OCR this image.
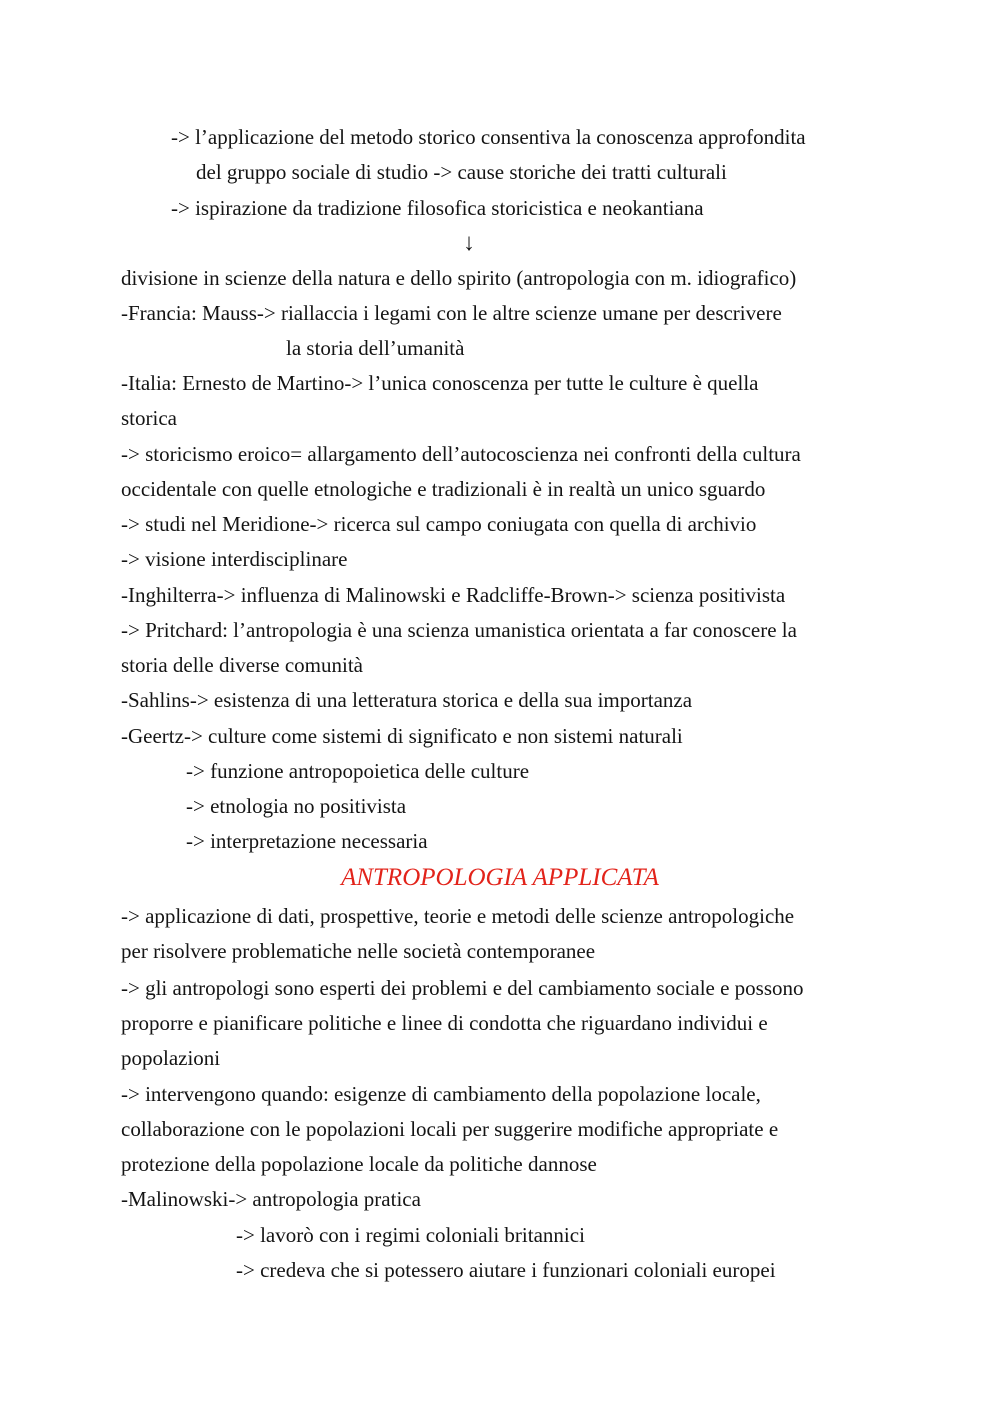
-> l’applicazione del metodo storico consentiva la conoscenza approfondita
del gruppo sociale di studio -> cause storiche dei tratti culturali
-> ispirazione da tradizione filosofica storicistica e neokantiana
↓
divisione in scienze della natura e dello spirito (antropologia con m. idiografico)
-Francia: Mauss-> riallaccia i legami con le altre scienze umane per descrivere
la storia dell’umanità
-Italia: Ernesto de Martino-> l’unica conoscenza per tutte le culture è quella
storica
-> storicismo eroico= allargamento dell’autocoscienza nei confronti della cultura
occidentale con quelle etnologiche e tradizionali è in realtà un unico sguardo
-> studi nel Meridione-> ricerca sul campo coniugata con quella di archivio
-> visione interdisciplinare
-Inghilterra-> influenza di Malinowski e Radcliffe-Brown-> scienza positivista
-> Pritchard: l’antropologia è una scienza umanistica orientata a far conoscere la
storia delle diverse comunità
-Sahlins-> esistenza di una letteratura storica e della sua importanza
-Geertz-> culture come sistemi di significato e non sistemi naturali
-> funzione antropopoietica delle culture
-> etnologia no positivista
-> interpretazione necessaria
ANTROPOLOGIA APPLICATA
-> applicazione di dati, prospettive, teorie e metodi delle scienze antropologiche
per risolvere problematiche nelle società contemporanee
-> gli antropologi sono esperti dei problemi e del cambiamento sociale e possono
proporre e pianificare politiche e linee di condotta che riguardano individui e
popolazioni
-> intervengono quando: esigenze di cambiamento della popolazione locale,
collaborazione con le popolazioni locali per suggerire modifiche appropriate e
protezione della popolazione locale da politiche dannose
-Malinowski-> antropologia pratica
-> lavorò con i regimi coloniali britannici
-> credeva che si potessero aiutare i funzionari coloniali europei
